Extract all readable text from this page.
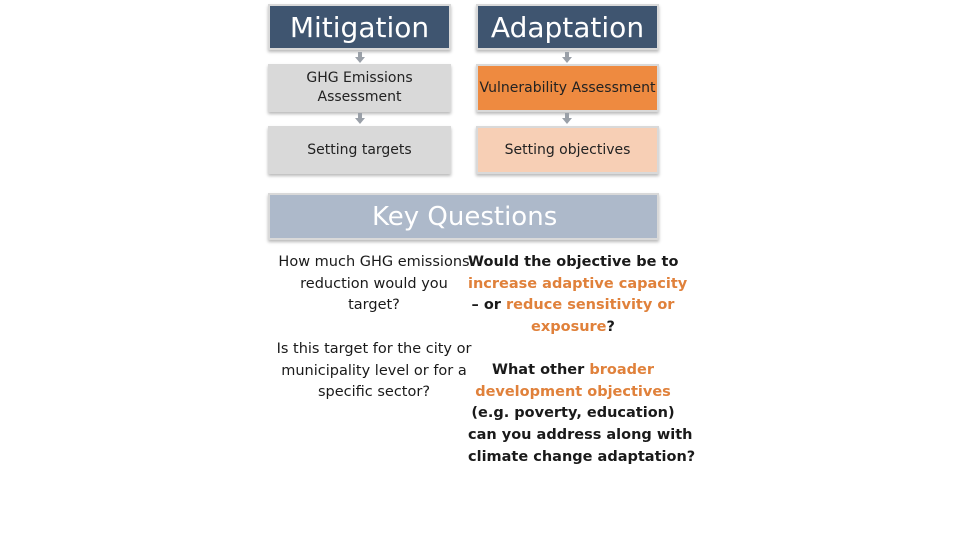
Mitigation Adaptation
GHG Emissions Assessment
Vulnerability Assessment
Setting targets	Setting objectives
Key Questions
How much GHG emissions reduction would you target?
Is this target for the city or municipality level or for a specific sector?
Would the objective be to
increase adaptive capacity
– or reduce sensitivity or
exposure?
What other broader
development objectives
(e.g. poverty, education)
can you address along with
climate change adaptation?
